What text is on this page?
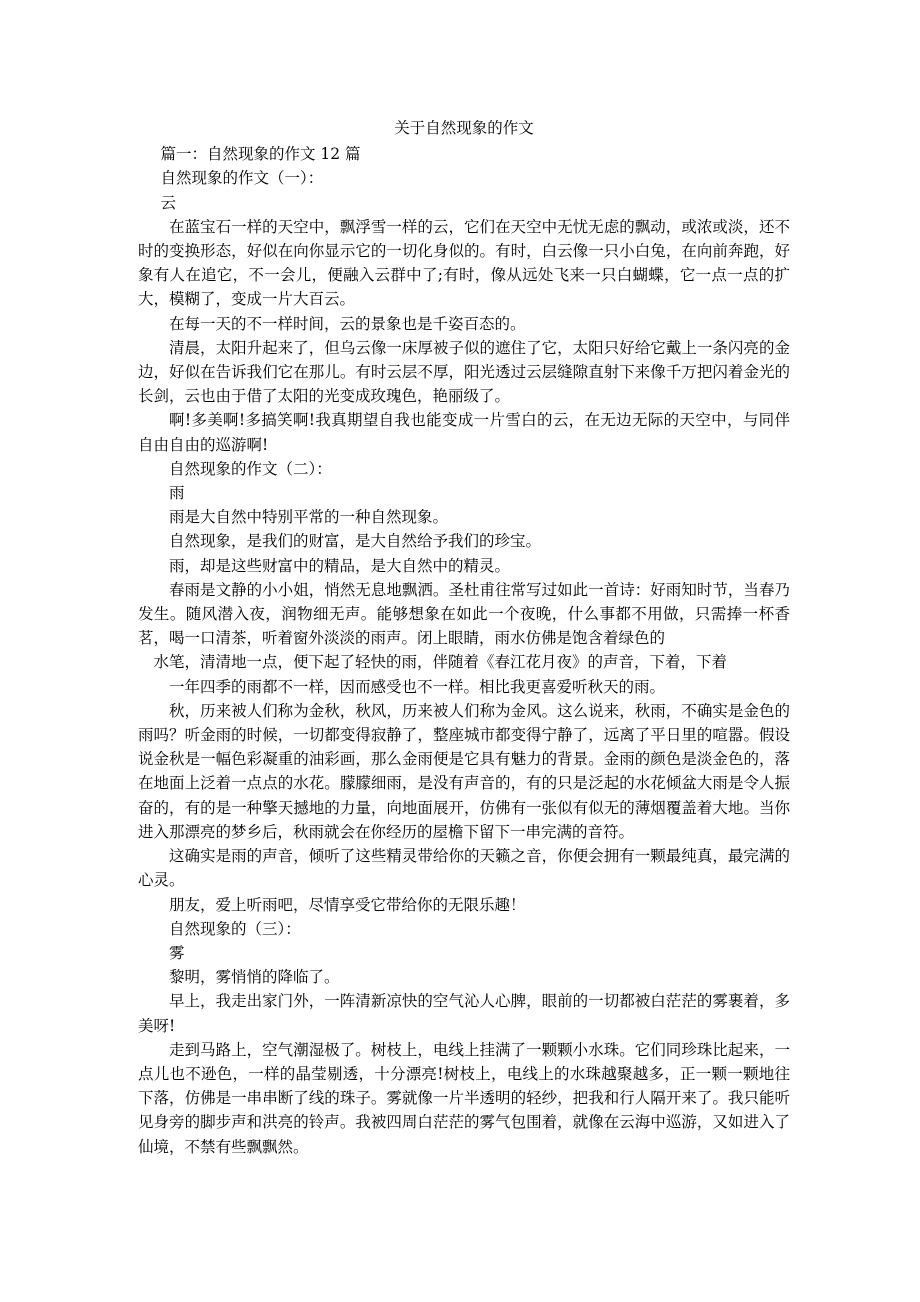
关于自然现象的作文

篇一：自然现象的作文 12 篇

自然现象的作文（一）：

云

在蓝宝石一样的天空中，飘浮雪一样的云，它们在天空中无忧无虑的飘动，或浓或淡，还不时的变换形态，好似在向你显示它的一切化身似的。有时，白云像一只小白兔，在向前奔跑，好象有人在追它，不一会儿，便融入云群中了;有时，像从远处飞来一只白蝴蝶，它一点一点的扩大，模糊了，变成一片大百云。

在每一天的不一样时间，云的景象也是千姿百态的。

清晨，太阳升起来了，但乌云像一床厚被子似的遮住了它，太阳只好给它戴上一条闪亮的金边，好似在告诉我们它在那儿。有时云层不厚，阳光透过云层缝隙直射下来像千万把闪着金光的长剑，云也由于借了太阳的光变成玫瑰色，艳丽级了。

啊!多美啊!多搞笑啊!我真期望自我也能变成一片雪白的云，在无边无际的天空中，与同伴自由自由的巡游啊!

自然现象的作文（二）：

雨

雨是大自然中特别平常的一种自然现象。

自然现象，是我们的财富，是大自然给予我们的珍宝。

雨，却是这些财富中的精品，是大自然中的精灵。

春雨是文静的小小姐，悄然无息地飘洒。圣杜甫往常写过如此一首诗：好雨知时节，当春乃发生。随风潜入夜，润物细无声。能够想象在如此一个夜晚，什么事都不用做，只需捧一杯香茗，喝一口清茶，听着窗外淡淡的雨声。闭上眼睛，雨水仿佛是饱含着绿色的

水笔，清清地一点，便下起了轻快的雨，伴随着《春江花月夜》的声音，下着，下着

一年四季的雨都不一样，因而感受也不一样。相比我更喜爱听秋天的雨。

秋，历来被人们称为金秋，秋风，历来被人们称为金风。这么说来，秋雨，不确实是金色的雨吗？听金雨的时候，一切都变得寂静了，整座城市都变得宁静了，远离了平日里的喧嚣。假设说金秋是一幅色彩凝重的油彩画，那么金雨便是它具有魅力的背景。金雨的颜色是淡金色的，落在地面上泛着一点点的水花。朦朦细雨，是没有声音的，有的只是泛起的水花倾盆大雨是令人振奋的，有的是一种擎天撼地的力量，向地面展开，仿佛有一张似有似无的薄烟覆盖着大地。当你进入那漂亮的梦乡后，秋雨就会在你经历的屋檐下留下一串完满的音符。

这确实是雨的声音，倾听了这些精灵带给你的天籁之音，你便会拥有一颗最纯真，最完满的心灵。

朋友，爱上听雨吧，尽情享受它带给你的无限乐趣！

自然现象的（三）：

雾

黎明，雾悄悄的降临了。

早上，我走出家门外，一阵清新凉快的空气沁人心脾，眼前的一切都被白茫茫的雾裹着，多美呀!

走到马路上，空气潮湿极了。树枝上，电线上挂满了一颗颗小水珠。它们同珍珠比起来，一点儿也不逊色，一样的晶莹剔透，十分漂亮!树枝上，电线上的水珠越聚越多，正一颗一颗地往下落，仿佛是一串串断了线的珠子。雾就像一片半透明的轻纱，把我和行人隔开来了。我只能听见身旁的脚步声和洪亮的铃声。我被四周白茫茫的雾气包围着，就像在云海中巡游，又如进入了仙境，不禁有些飘飘然。
